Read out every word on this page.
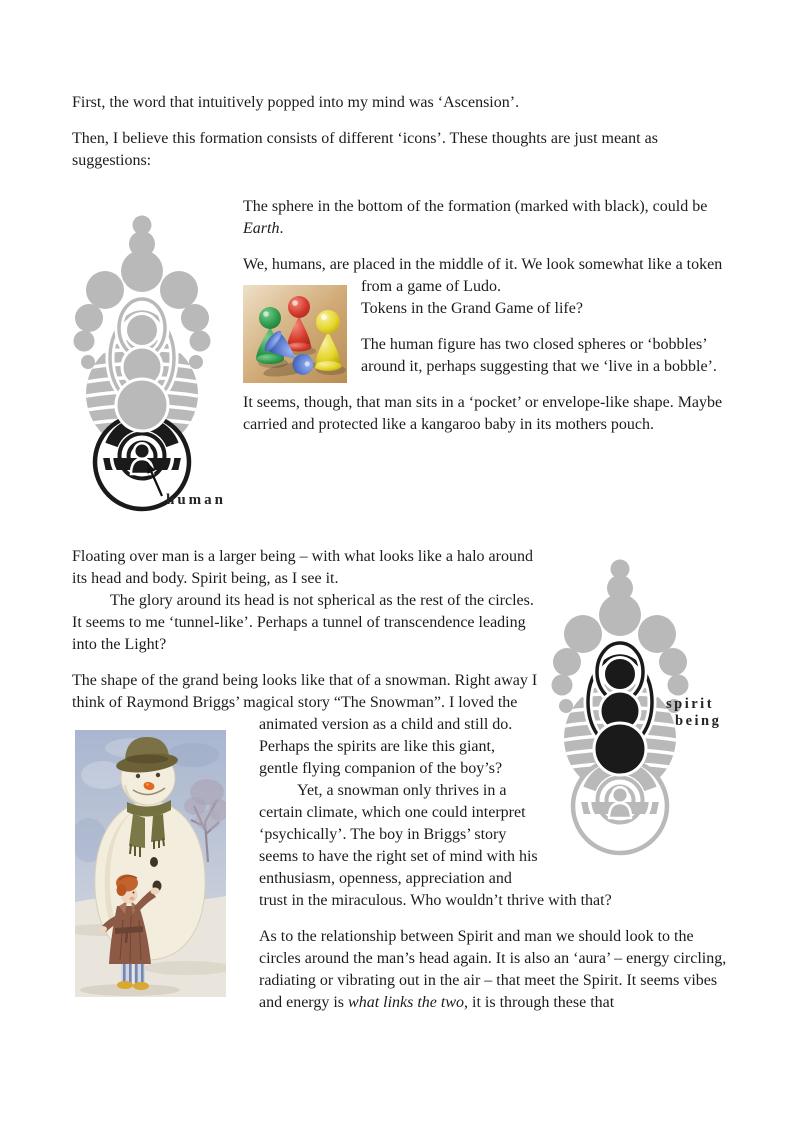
First, the word that intuitively popped into my mind was ‘Ascension’.

Then, I believe this formation consists of different ‘icons’. These thoughts are just meant as suggestions:

human

The sphere in the bottom of the formation (marked with black), could be Earth.

We, humans, are placed in the middle of it. We look somewhat like a
token from a game of Ludo.
Tokens in the Grand Game of life?

The human figure has two closed spheres or ‘bobbles’ around it, perhaps suggesting that we ‘live in a bobble’.

It seems, though, that man sits in a ‘pocket’ or envelope-like shape. Maybe carried and protected like a kangaroo baby in its mothers pouch.

spirit
being

Floating over man is a larger being – with what looks like a halo around its head and body. Spirit being, as I see it.

The glory around its head is not spherical as the rest of the circles. It seems to me ‘tunnel-like’. Perhaps a tunnel of transcendence leading into the Light?

The shape of the grand being looks like that of a snowman. Right away I think of Raymond Briggs’ magical story “The Snowman”. I
loved the animated version as a child and still do. Perhaps the spirits are like this giant, gentle flying companion of the boy’s?

Yet, a snowman only thrives in a certain climate, which one could interpret ‘psychically’. The boy in Briggs’ story seems to have the right set of mind with his enthusiasm, openness, appreciation and trust in the miraculous. Who wouldn’t thrive with that?

As to the relationship between Spirit and man we should look to the circles around the man’s head again. It is also an ‘aura’ – energy circling, radiating or vibrating out in the air – that meet the Spirit. It seems vibes and energy is what links the two, it is through these that
